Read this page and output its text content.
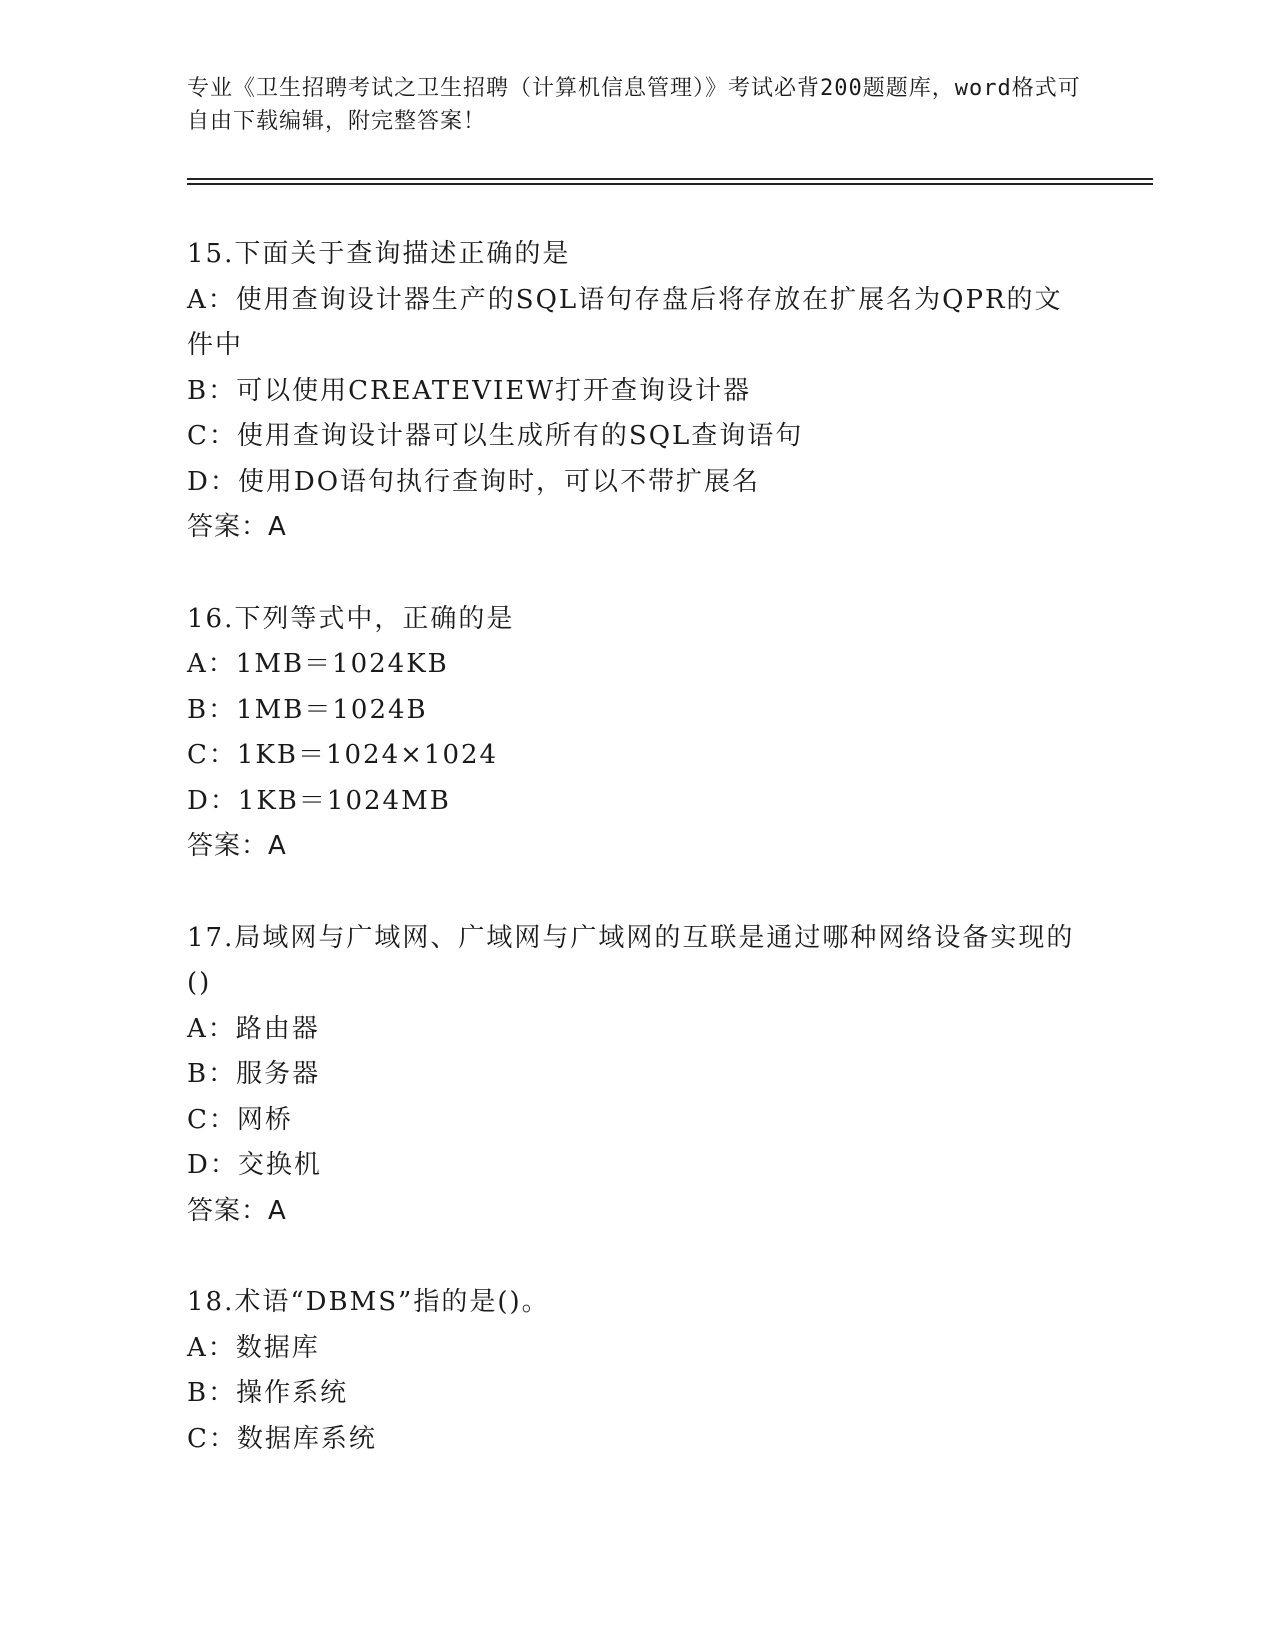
专业《卫生招聘考试之卫生招聘（计算机信息管理）》考试必背200题题库，word格式可自由下载编辑，附完整答案！
15.下面关于查询描述正确的是
A：使用查询设计器生产的SQL语句存盘后将存放在扩展名为QPR的文件中
B：可以使用CREATEVIEW打开查询设计器
C：使用查询设计器可以生成所有的SQL查询语句
D：使用DO语句执行查询时，可以不带扩展名
答案：A
16.下列等式中，正确的是
A：1MB＝1024KB
B：1MB＝1024B
C：1KB＝1024×1024
D：1KB＝1024MB
答案：A
17.局域网与广域网、广域网与广域网的互联是通过哪种网络设备实现的()
A：路由器
B：服务器
C：网桥
D：交换机
答案：A
18.术语“DBMS”指的是()。
A：数据库
B：操作系统
C：数据库系统
